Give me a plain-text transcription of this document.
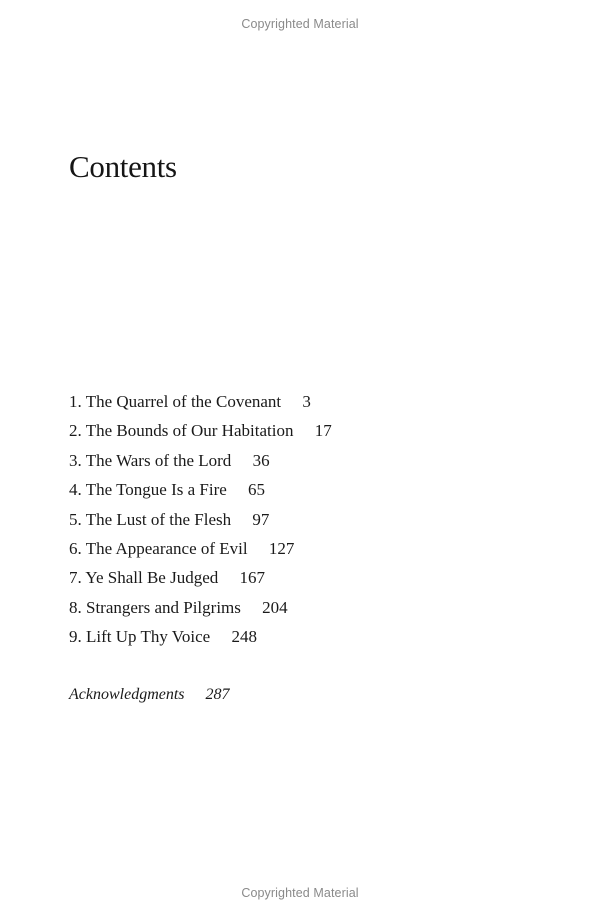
Copyrighted Material
Contents
1. The Quarrel of the Covenant 3
2. The Bounds of Our Habitation 17
3. The Wars of the Lord 36
4. The Tongue Is a Fire 65
5. The Lust of the Flesh 97
6. The Appearance of Evil 127
7. Ye Shall Be Judged 167
8. Strangers and Pilgrims 204
9. Lift Up Thy Voice 248
Acknowledgments 287
Copyrighted Material
